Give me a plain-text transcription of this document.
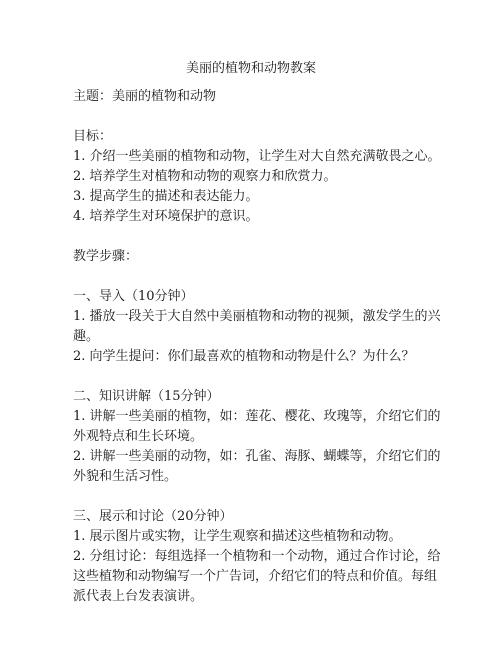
美丽的植物和动物教案

主题：美丽的植物和动物

目标：

1. 介绍一些美丽的植物和动物，让学生对大自然充满敬畏之心。

2. 培养学生对植物和动物的观察力和欣赏力。

3. 提高学生的描述和表达能力。

4. 培养学生对环境保护的意识。

教学步骤：

一、导入（10分钟）

1. 播放一段关于大自然中美丽植物和动物的视频，激发学生的兴趣。

2. 向学生提问：你们最喜欢的植物和动物是什么？为什么？

二、知识讲解（15分钟）

1. 讲解一些美丽的植物，如：莲花、樱花、玫瑰等，介绍它们的外观特点和生长环境。

2. 讲解一些美丽的动物，如：孔雀、海豚、蝴蝶等，介绍它们的外貌和生活习性。

三、展示和讨论（20分钟）

1. 展示图片或实物，让学生观察和描述这些植物和动物。

2. 分组讨论：每组选择一个植物和一个动物，通过合作讨论，给这些植物和动物编写一个广告词，介绍它们的特点和价值。每组派代表上台发表演讲。
